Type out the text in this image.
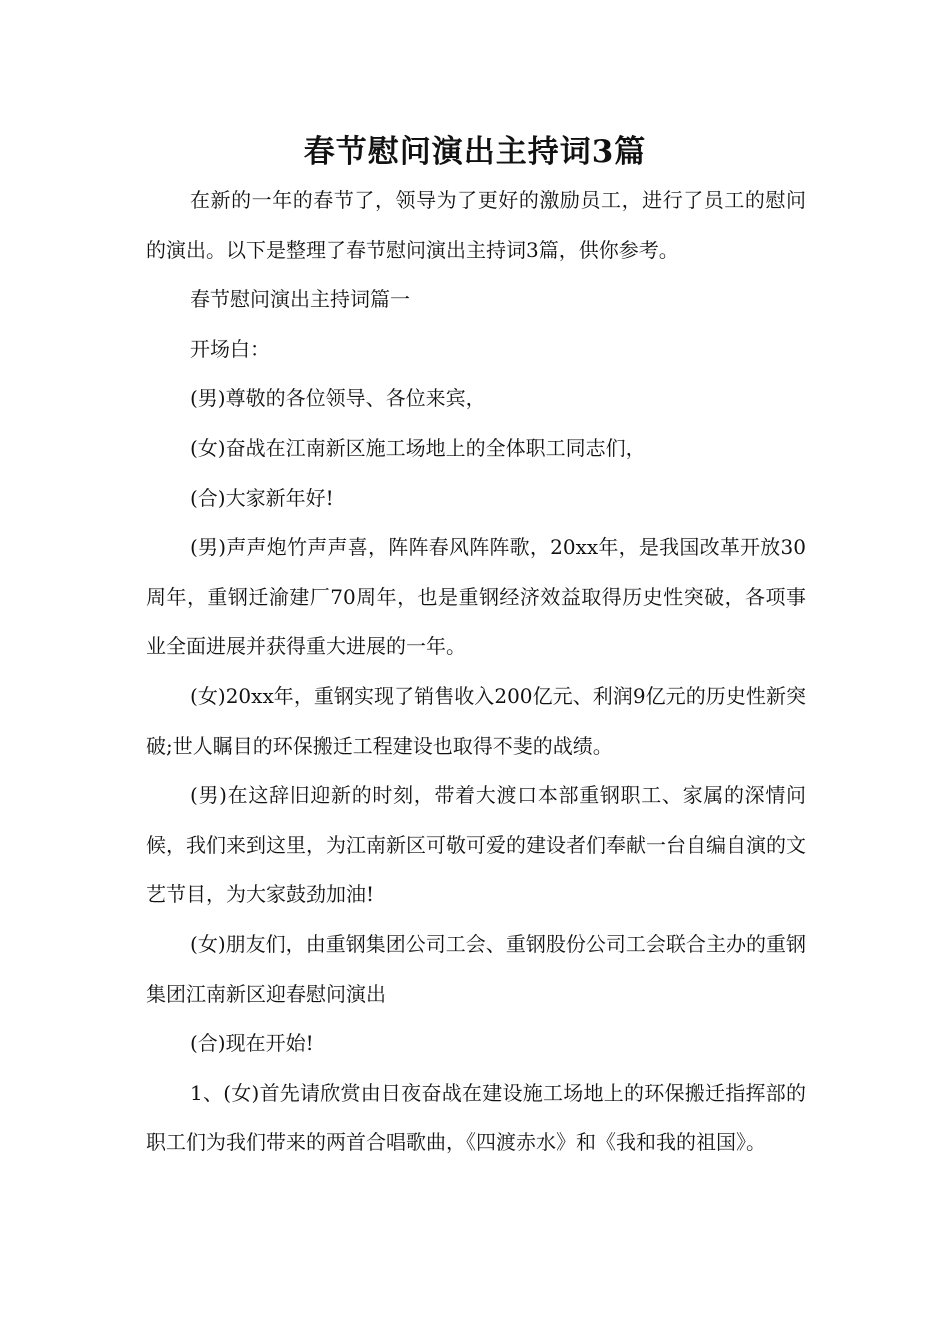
春节慰问演出主持词3篇

在新的一年的春节了，领导为了更好的激励员工，进行了员工的慰问的演出。以下是整理了春节慰问演出主持词3篇，供你参考。

春节慰问演出主持词篇一

开场白：

(男)尊敬的各位领导、各位来宾，

(女)奋战在江南新区施工场地上的全体职工同志们，

(合)大家新年好!

(男)声声炮竹声声喜，阵阵春风阵阵歌，20xx年，是我国改革开放30周年，重钢迁渝建厂70周年，也是重钢经济效益取得历史性突破，各项事业全面进展并获得重大进展的一年。

(女)20xx年，重钢实现了销售收入200亿元、利润9亿元的历史性新突破;世人瞩目的环保搬迁工程建设也取得不斐的战绩。

(男)在这辞旧迎新的时刻，带着大渡口本部重钢职工、家属的深情问候，我们来到这里，为江南新区可敬可爱的建设者们奉献一台自编自演的文艺节目，为大家鼓劲加油!

(女)朋友们，由重钢集团公司工会、重钢股份公司工会联合主办的重钢集团江南新区迎春慰问演出

(合)现在开始!

1、(女)首先请欣赏由日夜奋战在建设施工场地上的环保搬迁指挥部的职工们为我们带来的两首合唱歌曲，《四渡赤水》和《我和我的祖国》。
